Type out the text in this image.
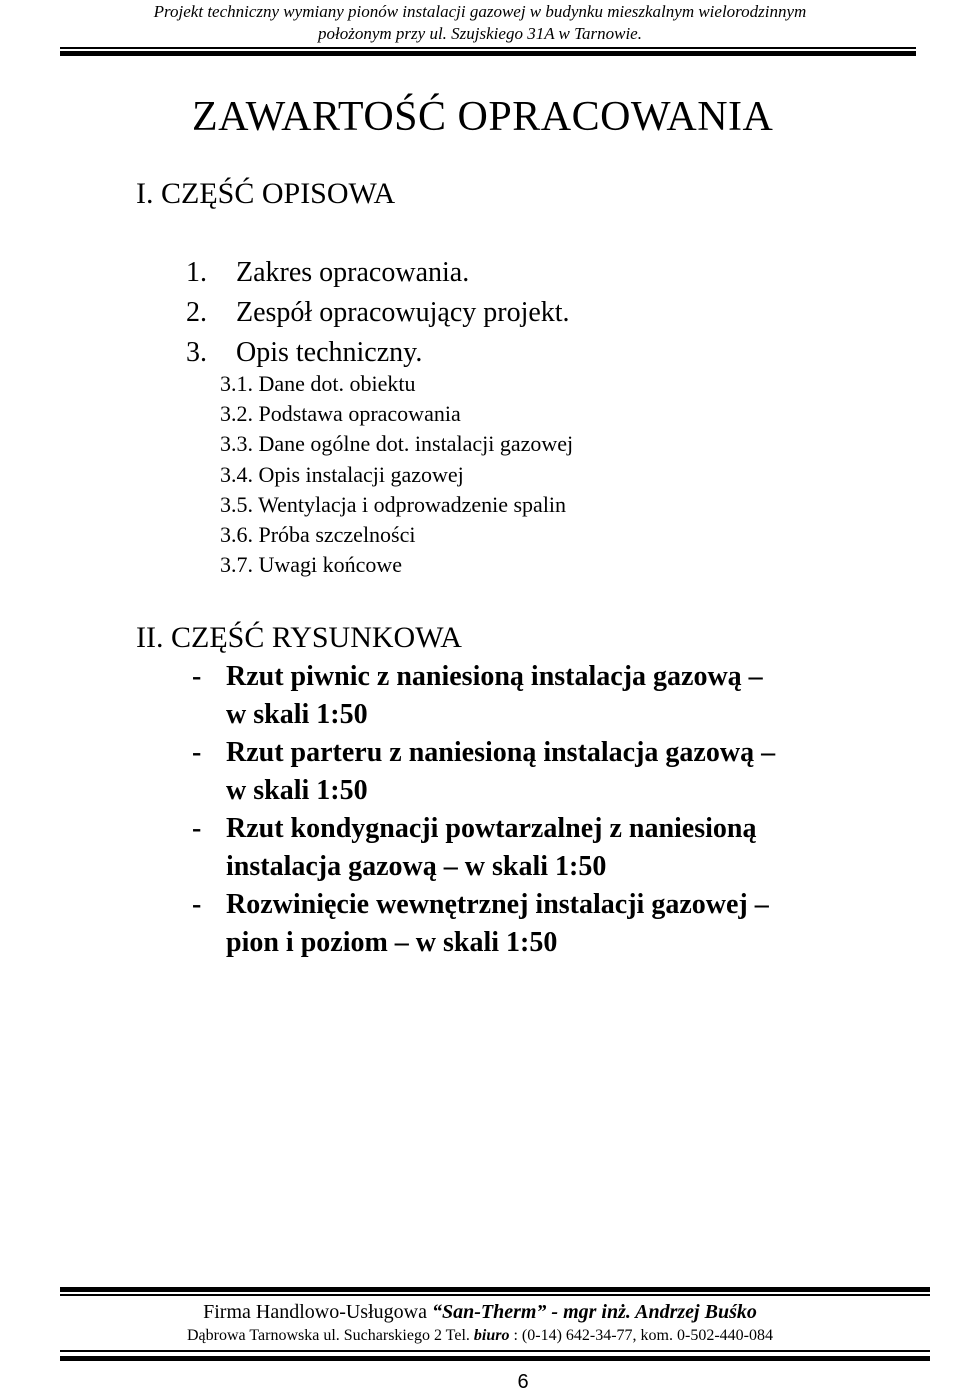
Projekt techniczny wymiany pionów instalacji gazowej w budynku mieszkalnym wielorodzinnym
położonym przy ul. Szujskiego 31A w Tarnowie.
ZAWARTOŚĆ OPRACOWANIA
I. CZĘŚĆ OPISOWA
1. Zakres opracowania.
2. Zespół opracowujący projekt.
3. Opis techniczny.
3.1. Dane dot. obiektu
3.2. Podstawa opracowania
3.3. Dane ogólne dot. instalacji gazowej
3.4. Opis instalacji gazowej
3.5. Wentylacja i odprowadzenie spalin
3.6. Próba szczelności
3.7. Uwagi końcowe
II. CZĘŚĆ RYSUNKOWA
- Rzut piwnic z naniesioną instalacja gazową –
w skali 1:50
- Rzut parteru z naniesioną instalacja gazową –
w skali 1:50
- Rzut kondygnacji powtarzalnej z naniesioną
instalacja gazową – w skali 1:50
- Rozwinięcie wewnętrznej instalacji gazowej –
pion i poziom – w skali 1:50
Firma Handlowo-Usługowa “San-Therm” - mgr inż. Andrzej Buśko
Dąbrowa Tarnowska ul. Sucharskiego 2 Tel. biuro : (0-14) 642-34-77, kom. 0-502-440-084
6
